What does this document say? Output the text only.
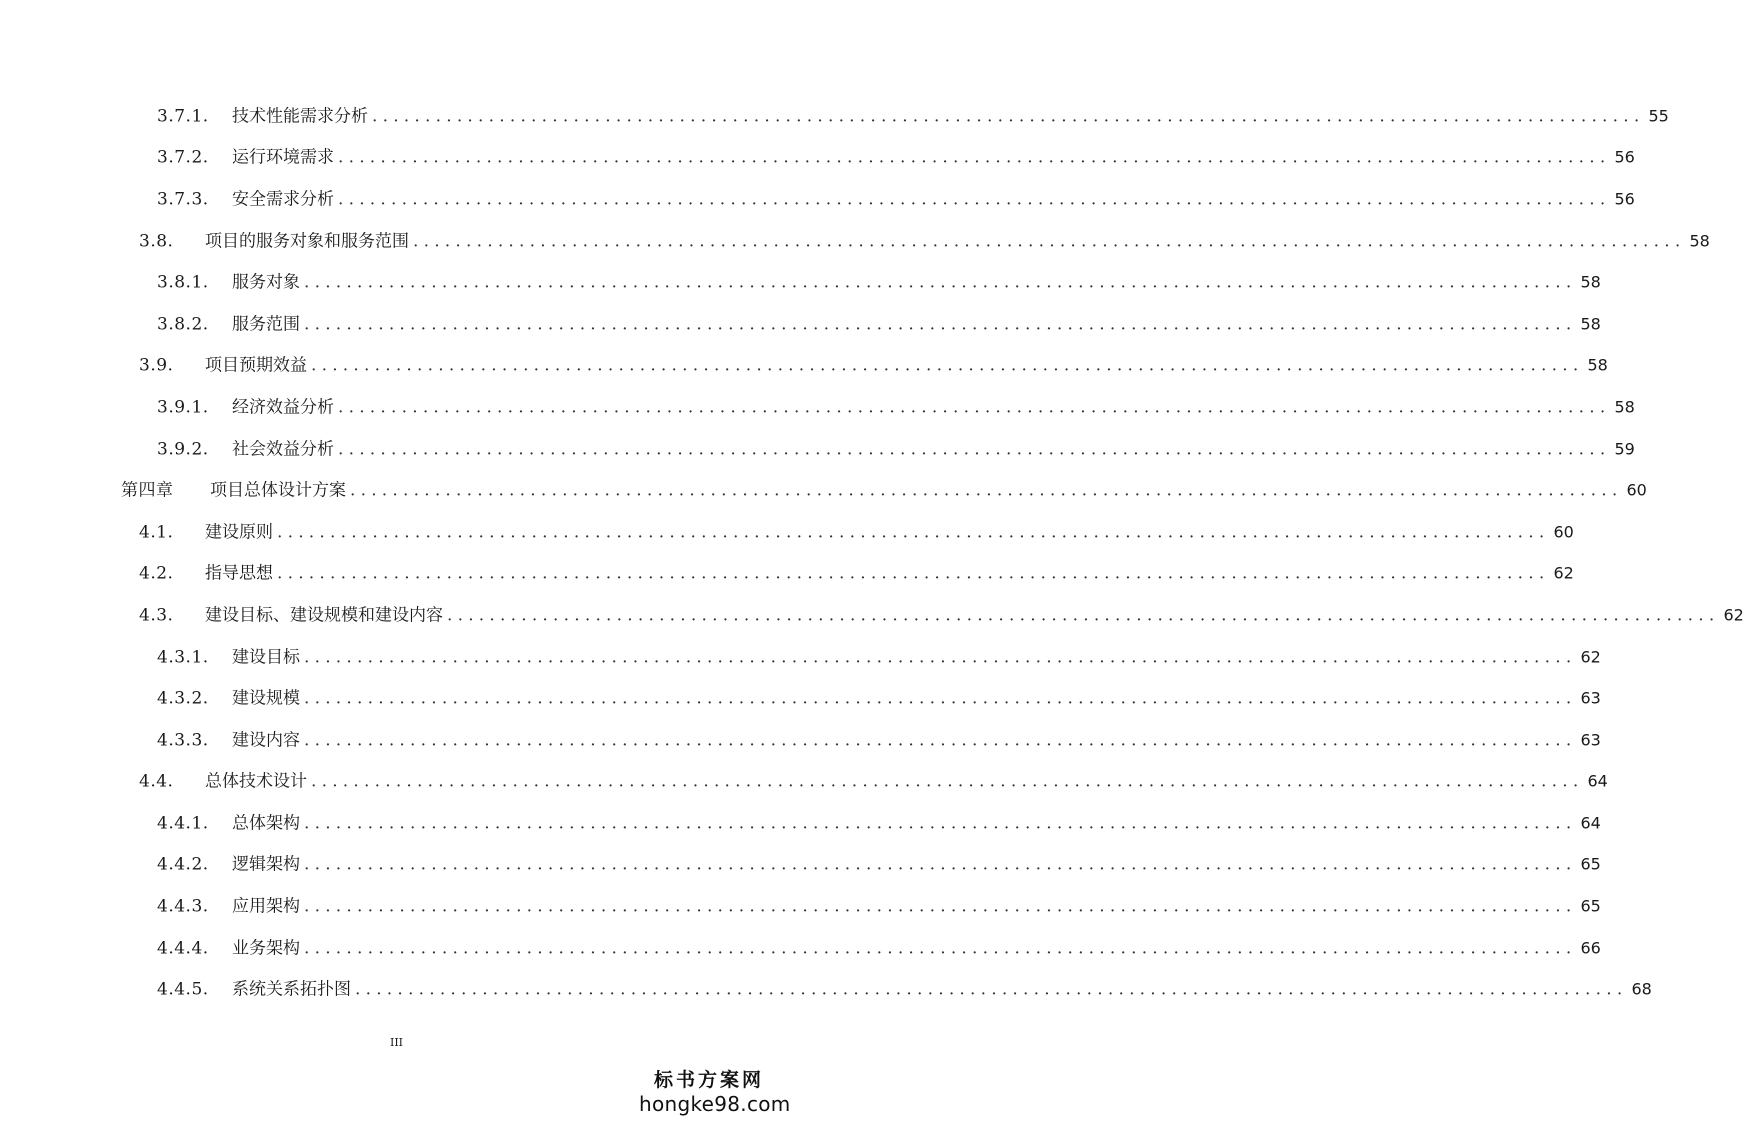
3.7.1. 技术性能需求分析 ........................................................................................................................ 55
3.7.2. 运行环境需求 ........................................................................................................................ 56
3.7.3. 安全需求分析 ........................................................................................................................ 56
3.8. 项目的服务对象和服务范围 ........................................................................................................................ 58
3.8.1. 服务对象 ........................................................................................................................ 58
3.8.2. 服务范围 ........................................................................................................................ 58
3.9. 项目预期效益 ........................................................................................................................ 58
3.9.1. 经济效益分析 ........................................................................................................................ 58
3.9.2. 社会效益分析 ........................................................................................................................ 59
第四章 项目总体设计方案 ........................................................................................................................ 60
4.1. 建设原则 ........................................................................................................................ 60
4.2. 指导思想 ........................................................................................................................ 62
4.3. 建设目标、建设规模和建设内容 ........................................................................................................................ 62
4.3.1. 建设目标 ........................................................................................................................ 62
4.3.2. 建设规模 ........................................................................................................................ 63
4.3.3. 建设内容 ........................................................................................................................ 63
4.4. 总体技术设计 ........................................................................................................................ 64
4.4.1. 总体架构 ........................................................................................................................ 64
4.4.2. 逻辑架构 ........................................................................................................................ 65
4.4.3. 应用架构 ........................................................................................................................ 65
4.4.4. 业务架构 ........................................................................................................................ 66
4.4.5. 系统关系拓扑图 ........................................................................................................................ 68
III
标书方案网
hongke98.com
